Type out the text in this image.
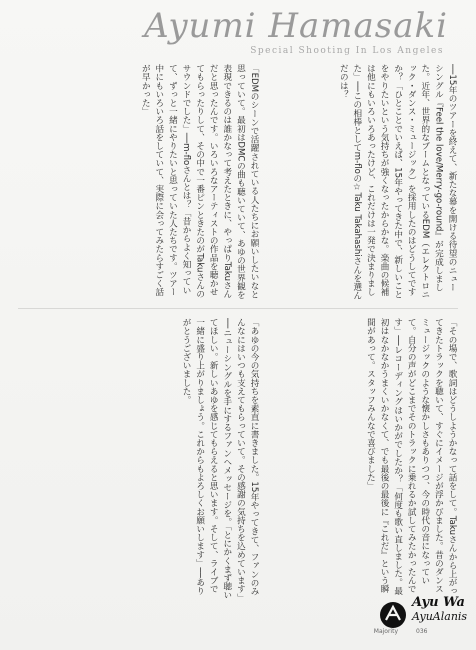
Ayumi Hamasaki
Special Shooting In Los Angeles

──15年のツアーを終えて、新たな幕を開ける待望のニューシングル『Feel the love/Merry-go-round』が完成しました。近年、世界的なブームとなっているEDM（エレクトロニック・ダンス・ミュージック）を採用したのはどうしてですか？「ひとことでいえば、15年やってきた中で、新しいことをやりたいという気持ちが強くなったからかな。楽曲の候補は他にもいろいろあったけど、これだけは一発で決まりました」──この相棒としてm-floの☆Taku Takahashiさんを選んだのは？

「EDMのシーンで活躍されている人たちにお願いしたいなと思っていて。最初はDMCの曲も聴いていて、あゆの世界観を表現できるのは誰かなって考えたときに、やっぱりTakuさんだと思ったんです。いろいろなアーティストの作品を聴かせてもらったりして、その中で一番ピンときたのがTakuさんのサウンドでした」──m-floさんとは？「昔からよく知っていて、ずっと一緒にやりたいと思っていた人たちです。ツアー中にもいろいろ話をしていて、実際に会ってみたらすごく話が早かった」

「その場で、歌詞はどうしようかなって話をして。Takuさんから上がってきたトラックを聴いて、すぐにイメージが浮かびました。昔のダンスミュージックのような懐かしさもありつつ、今の時代の音になっていて。自分の声がどこまでそのトラックに乗れるか試してみたかったんです」──レコーディングはいかがでしたか？「何度も歌い直しました。最初はなかなかうまくいかなくて、でも最後の最後に『これだ』という瞬間があって。スタッフみんなで喜びました」

「あゆの今の気持ちを素直に書きました。15年やってきて、ファンのみんなにはいつも支えてもらっていて。その感謝の気持ちを込めています」──ニューシングルを手にするファンへメッセージを。「とにかくまず聴いてほしい。新しいあゆを感じてもらえると思います。そして、ライブで一緒に盛り上がりましょう。これからもよろしくお願いします」──ありがとうございました。

Ayu Wa
AyuAlanis
Majority	036
